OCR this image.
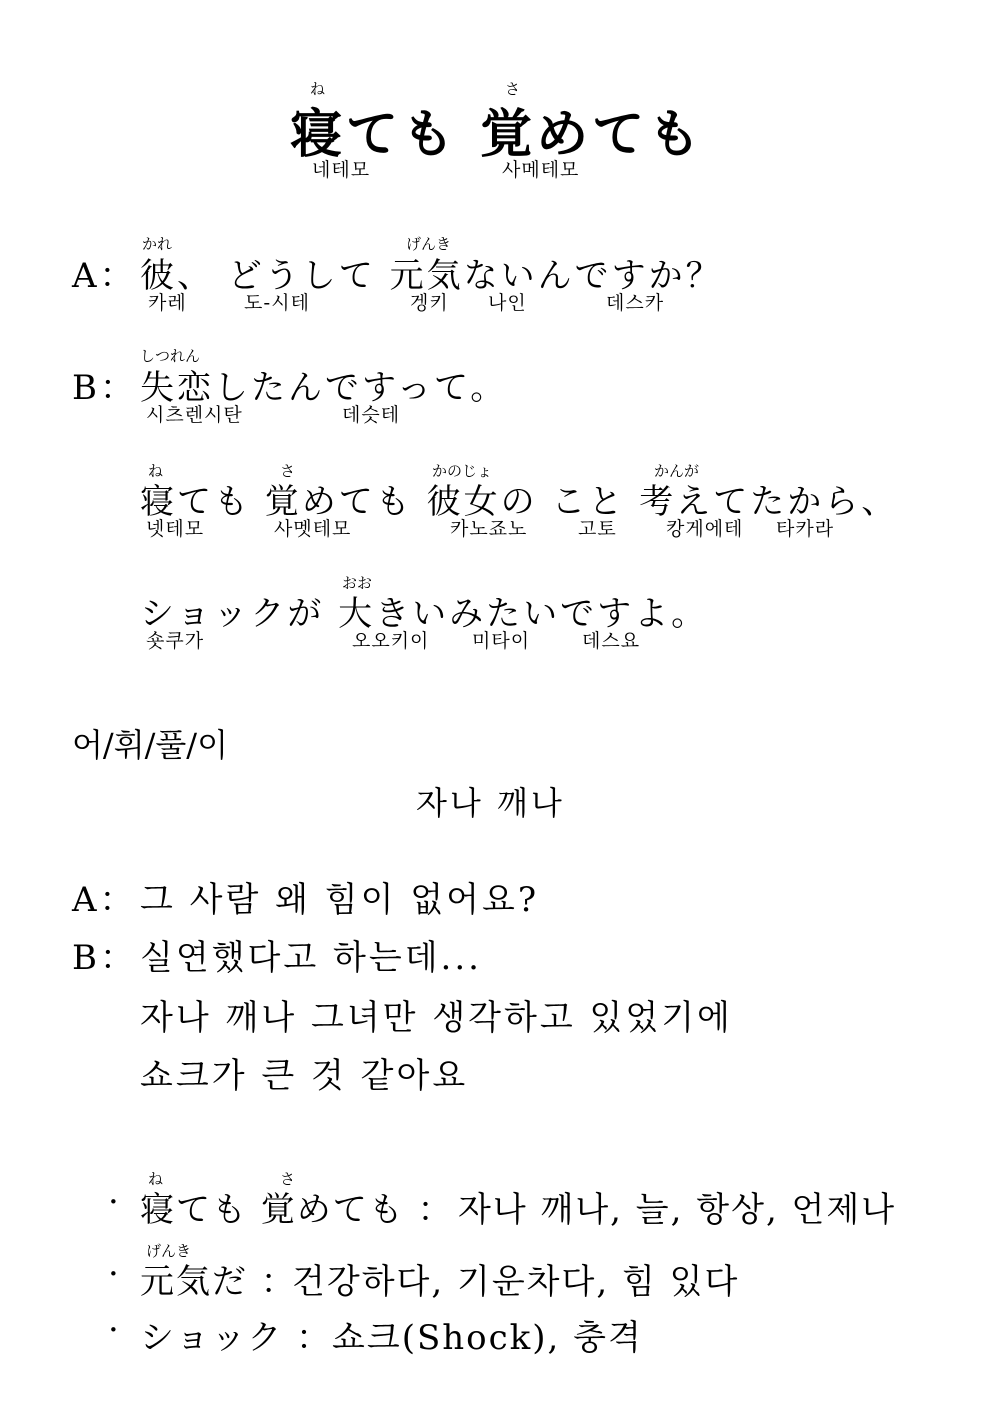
ね	さ
寝ても 覚めても
네테모	사메테모
かれ	げんき
A： 彼、 どうして 元気ないんですか？
카레	도-시테	겡키 나인	데스카
しつれん
B： 失恋したんですって。
시츠렌시탄	데슷테
ね	さ	かのじょ	かんが
寝ても 覚めても 彼女の こと 考えてたから、
넷테모	사멧테모	카노죠노	고토	캉게에테 타카라
おお
ショックが 大きいみたいですよ。
숏쿠가	오오키이 미타이	데스요
어/휘/풀/이
자나 깨나
A： 그 사람 왜 힘이 없어요?
B： 실연했다고 하는데...
자나 깨나 그녀만 생각하고 있었기에
쇼크가 큰 것 같아요
ね	さ
· 寝ても 覚めても ： 자나 깨나, 늘, 항상, 언제나
げんき
· 元気だ ：
건강하다, 기운차다, 힘 있다
· ショック ： 쇼크(Shock), 충격
